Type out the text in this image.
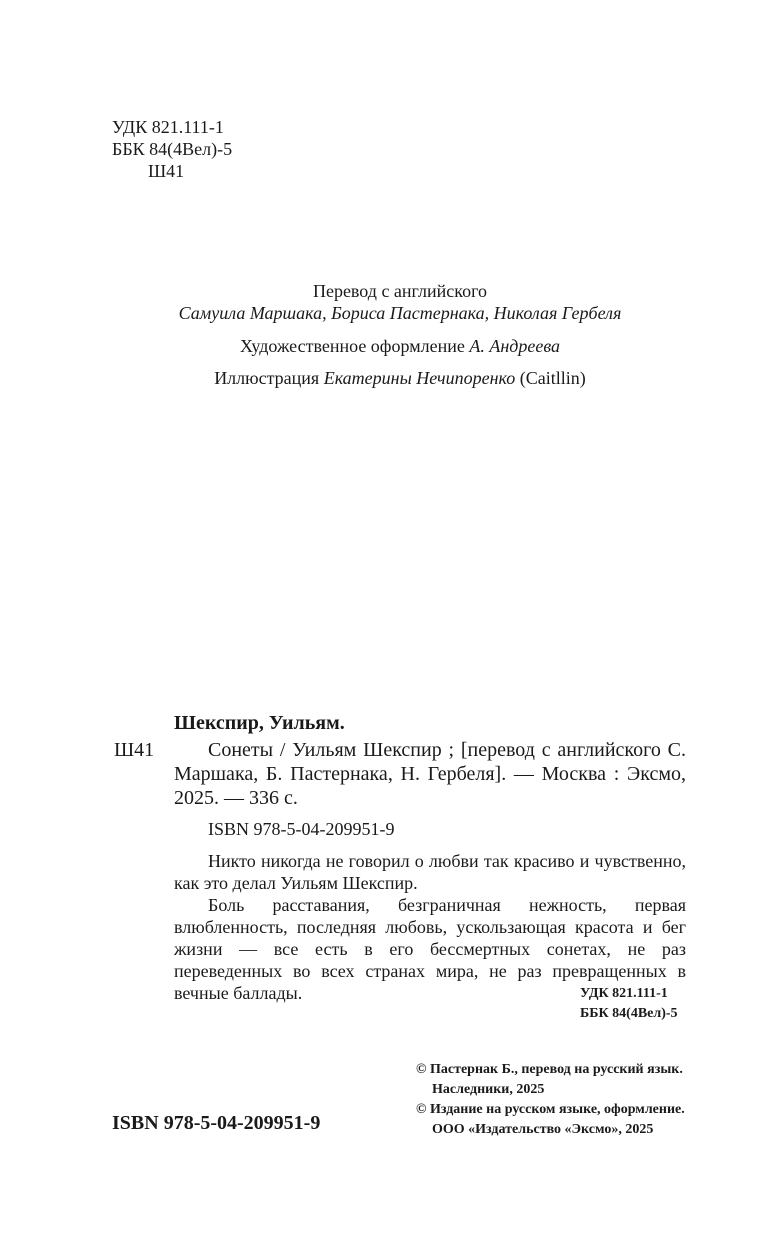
УДК 821.111-1
ББК 84(4Вел)-5
Ш41
Перевод с английского
Самуила Маршака, Бориса Пастернака, Николая Гербеля
Художественное оформление А. Андреева
Иллюстрация Екатерины Нечипоренко (Caitllin)
Шекспир, Уильям.
Ш41	Сонеты / Уильям Шекспир ; [перевод с английского С. Маршака, Б. Пастернака, Н. Гербеля]. — Москва : Эксмо, 2025. — 336 с.

ISBN 978-5-04-209951-9

Никто никогда не говорил о любви так красиво и чувственно, как это делал Уильям Шекспир.

Боль расставания, безграничная нежность, первая влюбленность, последняя любовь, ускользающая красота и бег жизни — все есть в его бессмертных сонетах, не раз переведенных во всех странах мира, не раз превращенных в вечные баллады.	УДК 821.111-1
ББК 84(4Вел)-5
© Пастернак Б., перевод на русский язык.
Наследники, 2025
© Издание на русском языке, оформление.
ООО «Издательство «Эксмо», 2025
ISBN 978-5-04-209951-9
